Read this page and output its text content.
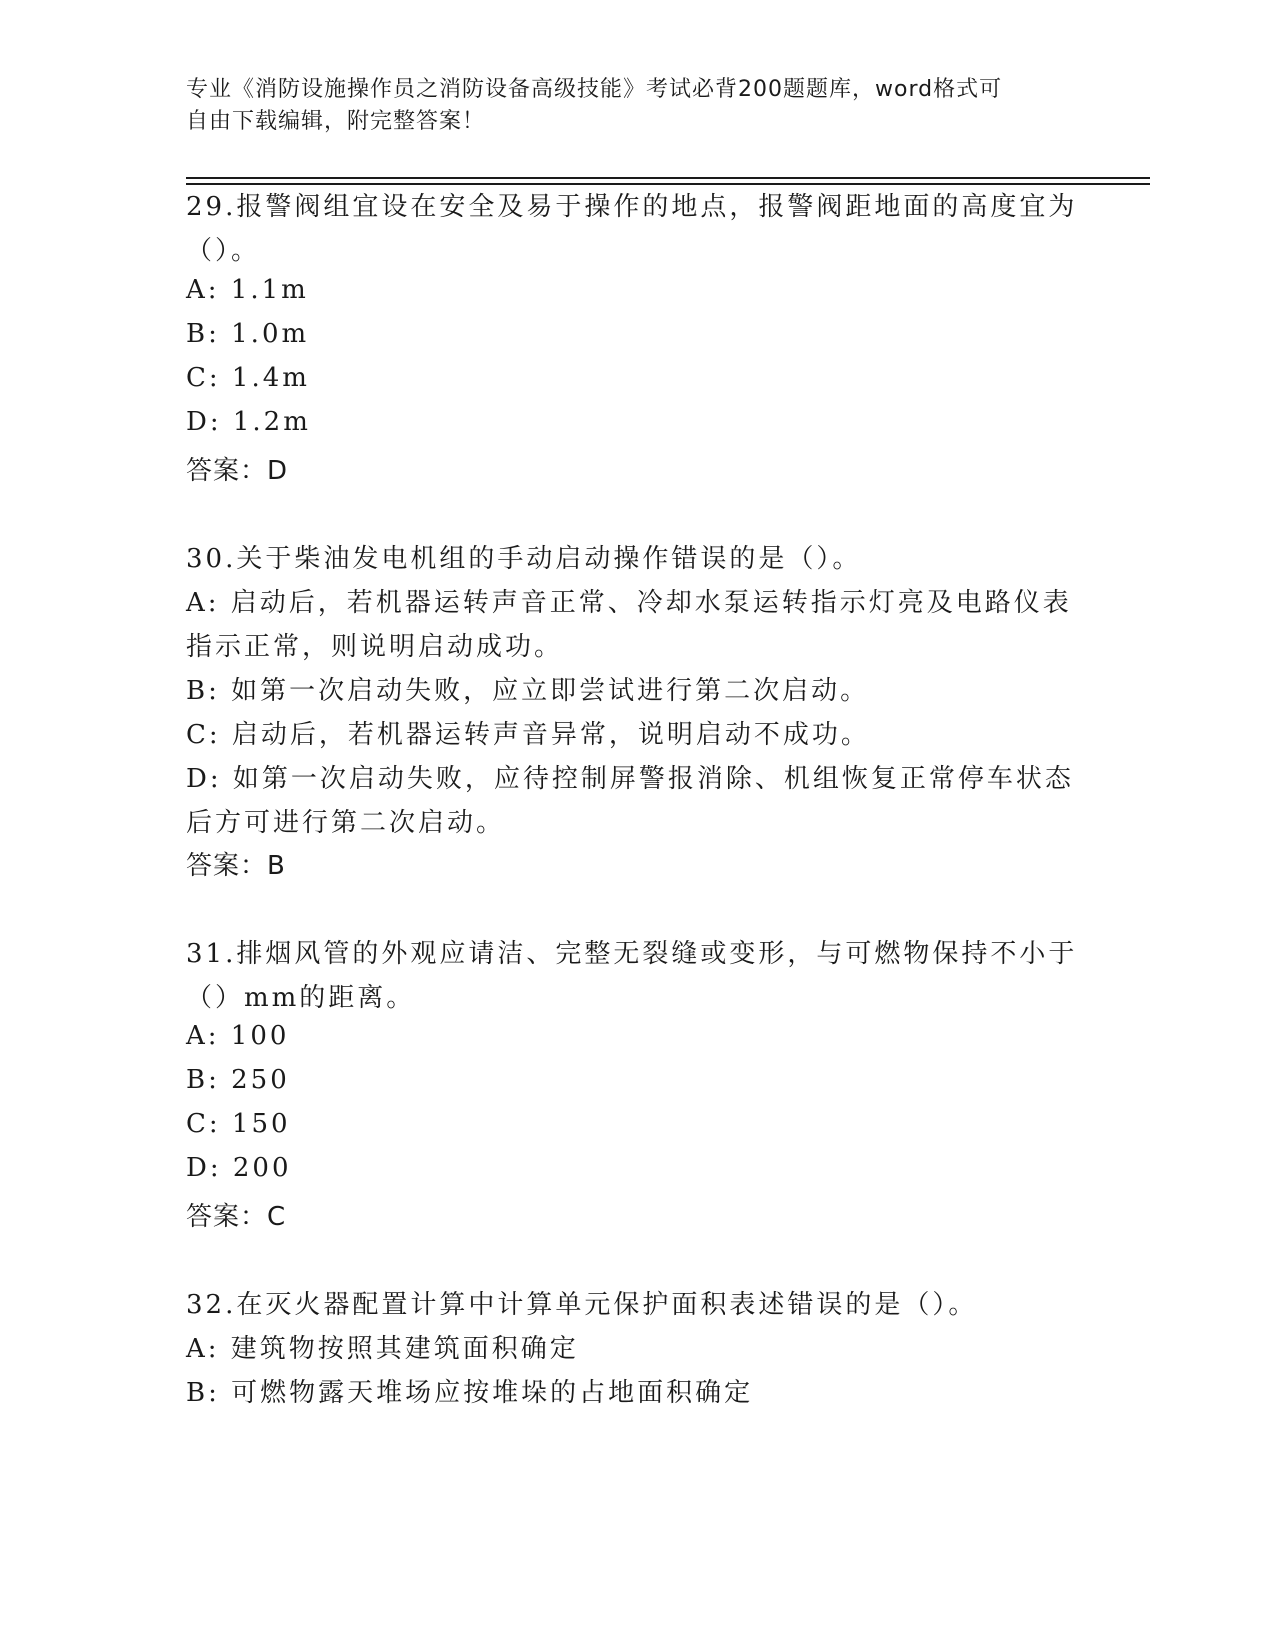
专业《消防设施操作员之消防设备高级技能》考试必背200题题库，word格式可
自由下载编辑，附完整答案！
29.报警阀组宜设在安全及易于操作的地点，报警阀距地面的高度宜为
（）。
A: 1.1m
B: 1.0m
C: 1.4m
D: 1.2m
答案：D
30.关于柴油发电机组的手动启动操作错误的是（）。
A: 启动后，若机器运转声音正常、冷却水泵运转指示灯亮及电路仪表
指示正常，则说明启动成功。
B: 如第一次启动失败，应立即尝试进行第二次启动。
C: 启动后，若机器运转声音异常，说明启动不成功。
D: 如第一次启动失败，应待控制屏警报消除、机组恢复正常停车状态
后方可进行第二次启动。
答案：B
31.排烟风管的外观应请洁、完整无裂缝或变形，与可燃物保持不小于
（）mm的距离。
A: 100
B: 250
C: 150
D: 200
答案：C
32.在灭火器配置计算中计算单元保护面积表述错误的是（）。
A: 建筑物按照其建筑面积确定
B: 可燃物露天堆场应按堆垛的占地面积确定
